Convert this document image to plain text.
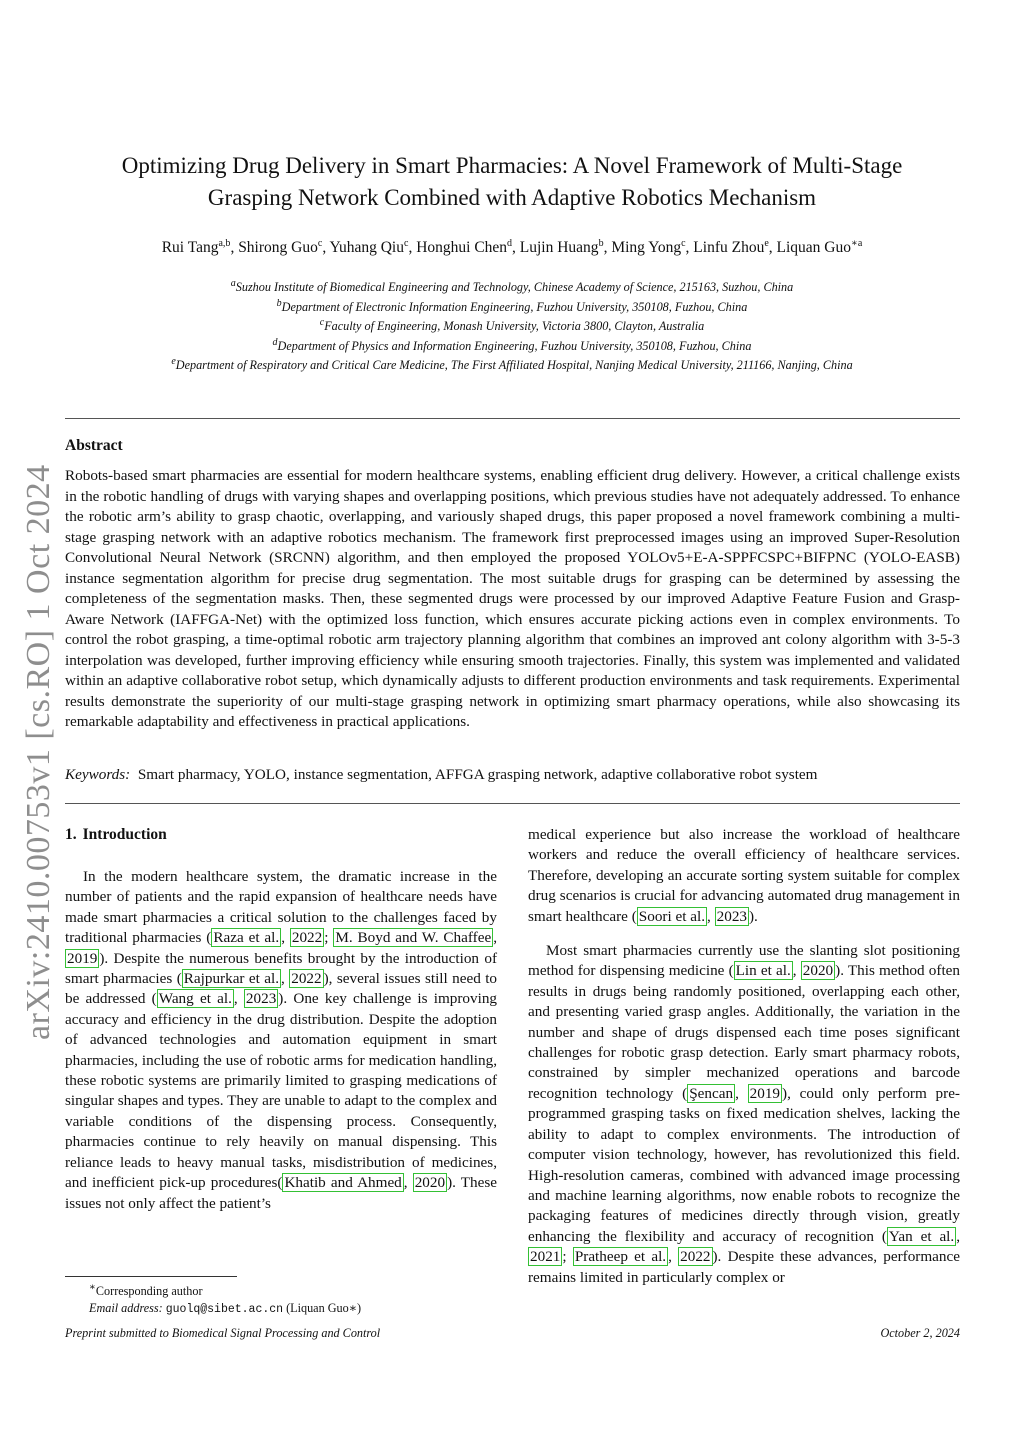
arXiv:2410.00753v1 [cs.RO] 1 Oct 2024
Optimizing Drug Delivery in Smart Pharmacies: A Novel Framework of Multi-Stage
Grasping Network Combined with Adaptive Robotics Mechanism
Rui Tang$^{a,b}$, Shirong Guo$^c$, Yuhang Qiu$^c$, Honghui Chen$^d$, Lujin Huang$^b$, Ming Yong$^c$, Linfu Zhou$^e$, Liquan Guo$^{∗a}$
$^a$Suzhou Institute of Biomedical Engineering and Technology, Chinese Academy of Science, 215163, Suzhou, China
$^b$Department of Electronic Information Engineering, Fuzhou University, 350108, Fuzhou, China
$^c$Faculty of Engineering, Monash University, Victoria 3800, Clayton, Australia
$^d$Department of Physics and Information Engineering, Fuzhou University, 350108, Fuzhou, China
$^e$Department of Respiratory and Critical Care Medicine, The First Affiliated Hospital, Nanjing Medical University, 211166, Nanjing, China
Abstract
Robots-based smart pharmacies are essential for modern healthcare systems, enabling efficient drug delivery. However, a critical challenge exists in the robotic handling of drugs with varying shapes and overlapping positions, which previous studies have not adequately addressed. To enhance the robotic arm’s ability to grasp chaotic, overlapping, and variously shaped drugs, this paper proposed a novel framework combining a multi-stage grasping network with an adaptive robotics mechanism. The framework first preprocessed images using an improved Super-Resolution Convolutional Neural Network (SRCNN) algorithm, and then employed the proposed YOLOv5+E-A-SPPFCSPC+BIFPNC (YOLO-EASB) instance segmentation algorithm for precise drug segmentation. The most suitable drugs for grasping can be determined by assessing the completeness of the segmentation masks. Then, these segmented drugs were processed by our improved Adaptive Feature Fusion and Grasp-Aware Network (IAFFGA-Net) with the optimized loss function, which ensures accurate picking actions even in complex environments. To control the robot grasping, a time-optimal robotic arm trajectory planning algorithm that combines an improved ant colony algorithm with 3-5-3 interpolation was developed, further improving efficiency while ensuring smooth trajectories. Finally, this system was implemented and validated within an adaptive collaborative robot setup, which dynamically adjusts to different production environments and task requirements. Experimental results demonstrate the superiority of our multi-stage grasping network in optimizing smart pharmacy operations, while also showcasing its remarkable adaptability and effectiveness in practical applications.
Keywords: Smart pharmacy, YOLO, instance segmentation, AFFGA grasping network, adaptive collaborative robot system
1. Introduction

In the modern healthcare system, the dramatic increase in the number of patients and the rapid expansion of healthcare needs have made smart pharmacies a critical solution to the challenges faced by traditional pharmacies ( Raza et al. , 2022 ; M. Boyd and W. Chaffee , 2019 ). Despite the numerous benefits brought by the introduction of smart pharmacies ( Rajpurkar et al. , 2022 ), several issues still need to be addressed ( Wang et al. , 2023 ). One key challenge is improving accuracy and efficiency in the drug distribution. Despite the adoption of advanced technologies and automation equipment in smart pharmacies, including the use of robotic arms for medication handling, these robotic systems are primarily limited to grasping medications of singular shapes and types. They are unable to adapt to the complex and variable conditions of the dispensing process. Consequently, pharmacies continue to rely heavily on manual dispensing. This reliance leads to heavy manual tasks, misdistribution of medicines, and inefficient pick-up procedures( Khatib and Ahmed , 2020 ). These issues not only affect the patient’s

medical experience but also increase the workload of healthcare workers and reduce the overall efficiency of healthcare services. Therefore, developing an accurate sorting system suitable for complex drug scenarios is crucial for advancing automated drug management in smart healthcare ( Soori et al. , 2023 ).

Most smart pharmacies currently use the slanting slot positioning method for dispensing medicine ( Lin et al. , 2020 ). This method often results in drugs being randomly positioned, overlapping each other, and presenting varied grasp angles. Additionally, the variation in the number and shape of drugs dispensed each time poses significant challenges for robotic grasp detection. Early smart pharmacy robots, constrained by simpler mechanized operations and barcode recognition technology ( Şencan , 2019 ), could only perform pre-programmed grasping tasks on fixed medication shelves, lacking the ability to adapt to complex environments. The introduction of computer vision technology, however, has revolutionized this field. High-resolution cameras, combined with advanced image processing and machine learning algorithms, now enable robots to recognize the packaging features of medicines directly through vision, greatly enhancing the flexibility and accuracy of recognition ( Yan et al. , 2021 ; Pratheep et al. , 2022 ). Despite these advances, performance remains limited in particularly complex or

∗Corresponding author
Email address: guolq@sibet.ac.cn (Liquan Guo∗)
Preprint submitted to Biomedical Signal Processing and Control	October 2, 2024
